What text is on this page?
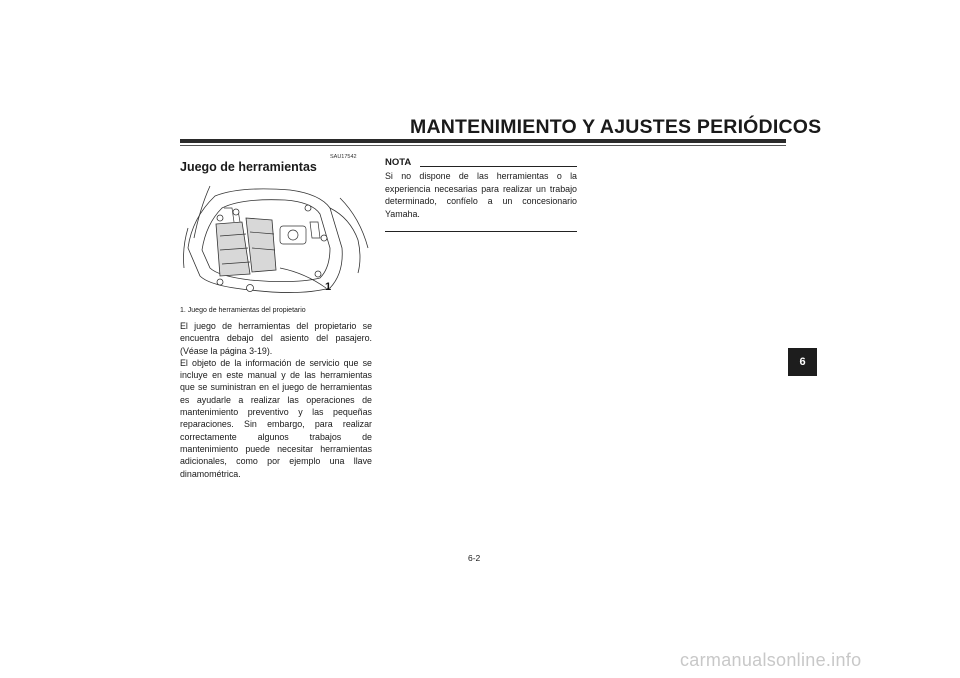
MANTENIMIENTO Y AJUSTES PERIÓDICOS
SAU17542
Juego de herramientas
1
1. Juego de herramientas del propietario

El juego de herramientas del propietario se encuentra debajo del asiento del pasajero. (Véase la página 3-19).

El objeto de la información de servicio que se incluye en este manual y de las herramientas que se suministran en el juego de herramientas es ayudarle a realizar las operaciones de mantenimiento preventivo y las pequeñas reparaciones. Sin embargo, para realizar correctamente algunos trabajos de mantenimiento puede necesitar herramientas adicionales, como por ejemplo una llave dinamométrica.

NOTA

Si no dispone de las herramientas o la experiencia necesarias para realizar un trabajo determinado, confíelo a un concesionario Yamaha.

6
6-2
carmanualsonline.info
